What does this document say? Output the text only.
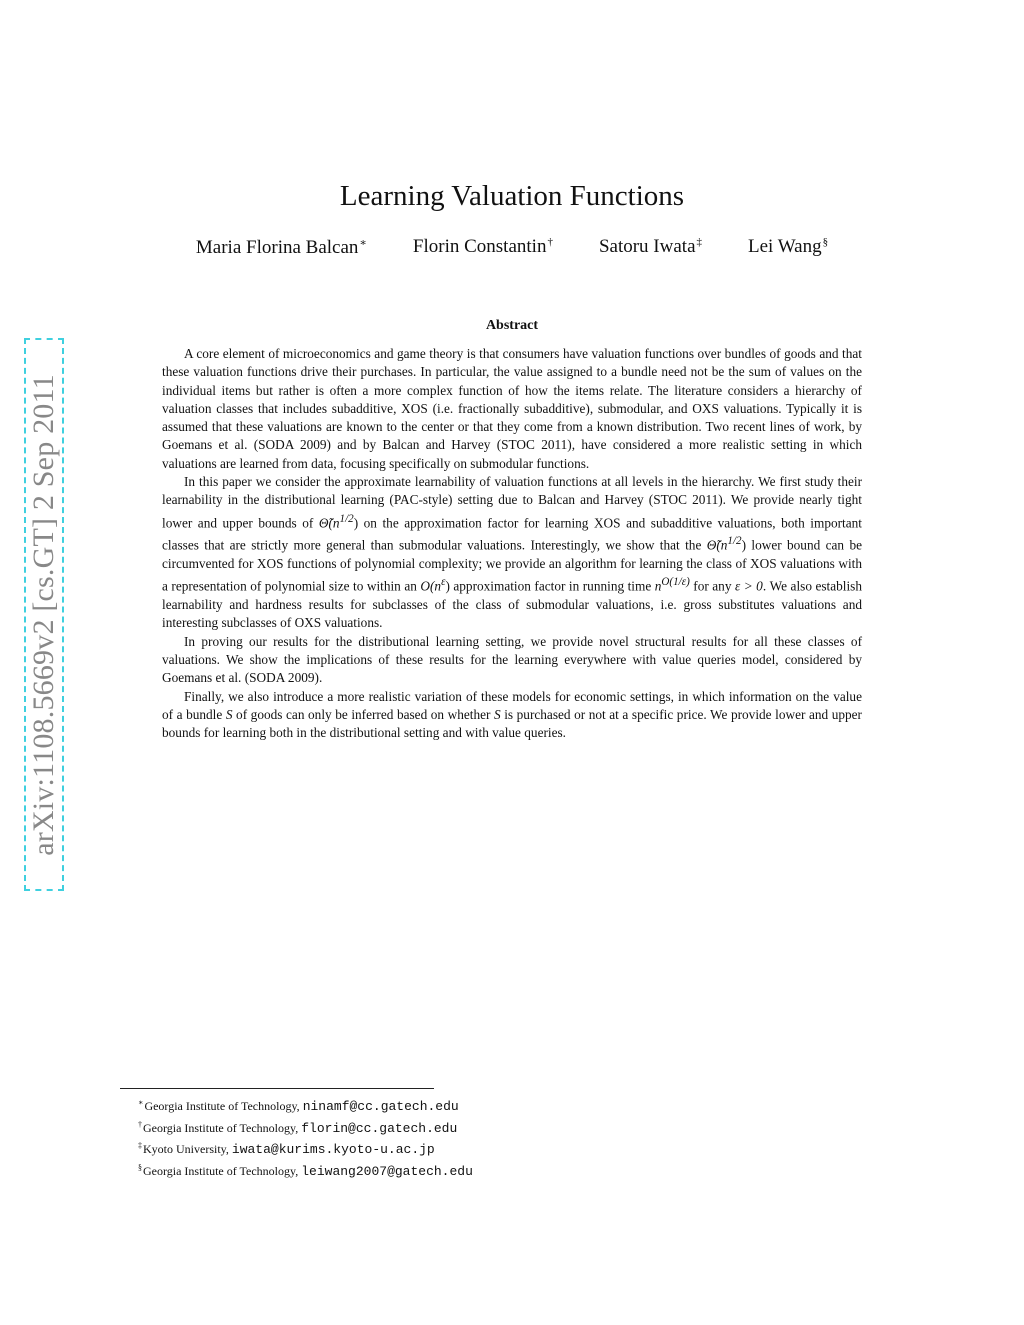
arXiv:1108.5669v2 [cs.GT] 2 Sep 2011
Learning Valuation Functions
Maria Florina Balcan∗ Florin Constantin† Satoru Iwata‡ Lei Wang§
Abstract

A core element of microeconomics and game theory is that consumers have valuation functions over bundles of goods and that these valuation functions drive their purchases. In particular, the value assigned to a bundle need not be the sum of values on the individual items but rather is often a more complex function of how the items relate. The literature considers a hierarchy of valuation classes that includes subadditive, XOS (i.e. fractionally subadditive), submodular, and OXS valuations. Typically it is assumed that these valuations are known to the center or that they come from a known distribution. Two recent lines of work, by Goemans et al. (SODA 2009) and by Balcan and Harvey (STOC 2011), have considered a more realistic setting in which valuations are learned from data, focusing specifically on submodular functions.

In this paper we consider the approximate learnability of valuation functions at all levels in the hierarchy. We first study their learnability in the distributional learning (PAC-style) setting due to Balcan and Harvey (STOC 2011). We provide nearly tight lower and upper bounds of $\Thetã(n^{1/2})$ on the approximation factor for learning XOS and subadditive valuations, both important classes that are strictly more general than submodular valuations. Interestingly, we show that the $\Thetã(n^{1/2})$ lower bound can be circumvented for XOS functions of polynomial complexity; we provide an algorithm for learning the class of XOS valuations with a representation of polynomial size to within an $O(n^\varepsilon)$ approximation factor in running time $n^{O(1/\varepsilon)}$ for any ε > 0. We also establish learnability and hardness results for subclasses of the class of submodular valuations, i.e. gross substitutes valuations and interesting subclasses of OXS valuations.

In proving our results for the distributional learning setting, we provide novel structural results for all these classes of valuations. We show the implications of these results for the learning everywhere with value queries model, considered by Goemans et al. (SODA 2009).

Finally, we also introduce a more realistic variation of these models for economic settings, in which information on the value of a bundle S of goods can only be inferred based on whether S is purchased or not at a specific price. We provide lower and upper bounds for learning both in the distributional setting and with value queries.

∗Georgia Institute of Technology, ninamf@cc.gatech.edu
†Georgia Institute of Technology, florin@cc.gatech.edu
‡Kyoto University, iwata@kurims.kyoto-u.ac.jp
§Georgia Institute of Technology, leiwang2007@gatech.edu
